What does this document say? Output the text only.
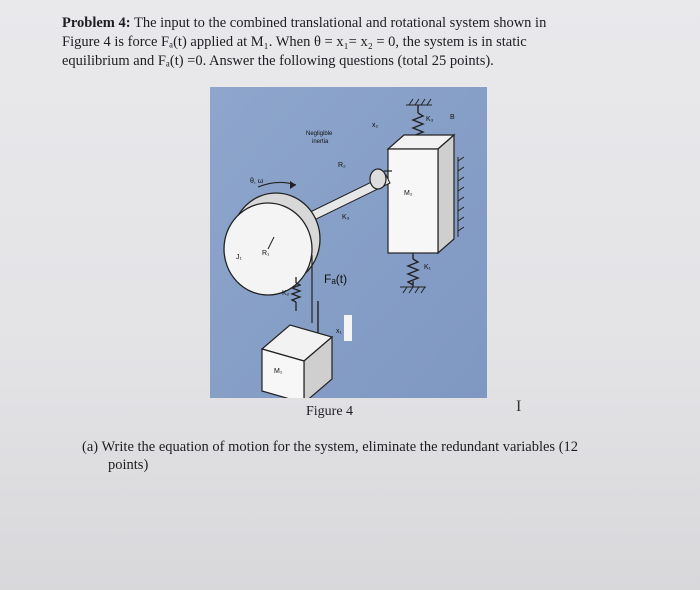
Problem 4: The input to the combined translational and rotational system shown in
Figure 4 is force Fₐ(t) applied at M₁. When θ = x₁= x₂ = 0, the system is in static
equilibrium and Fₐ(t) =0. Answer the following questions (total 25 points).
Negligible
inertia
x₂
K₃
R₂
θ, ω
M₂
K₃
K₁
B
J₁
R₁
Fₐ(t)
K₂
x₁
M₁
Figure 4	I
(a) Write the equation of motion for the system, eliminate the redundant variables (12
points)
